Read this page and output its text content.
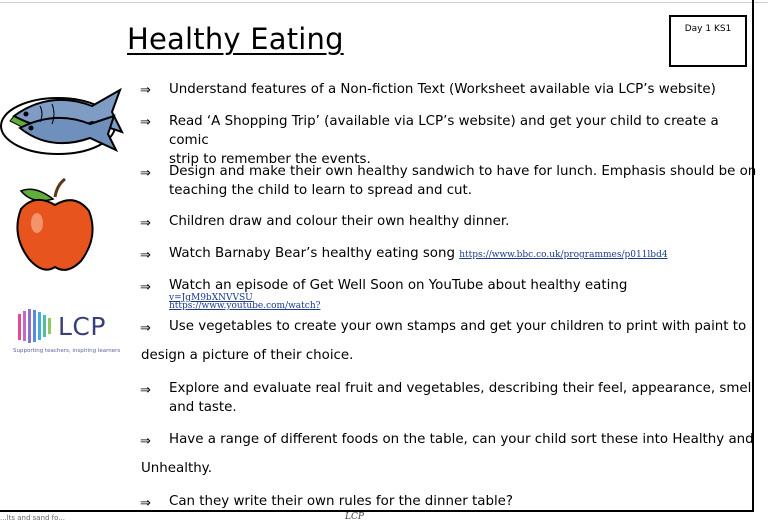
Healthy Eating	Day 1 KS1
LCP
Supporting teachers, inspiring learners
⇒ Understand features of a Non-fiction Text (Worksheet available via LCP’s website)
⇒ Read ‘A Shopping Trip’ (available via LCP’s website) and get your child to create a comic
strip to remember the events.
⇒ Design and make their own healthy sandwich to have for lunch. Emphasis should be on
teaching the child to learn to spread and cut.
⇒ Children draw and colour their own healthy dinner.
⇒ Watch Barnaby Bear’s healthy eating song https://www.bbc.co.uk/programmes/p011lbd4
⇒ Watch an episode of Get Well Soon on YouTube about healthy eating https://www.youtube.com/watch?
v=JgM9bXNVVSU
⇒ Use vegetables to create your own stamps and get your children to print with paint to
design a picture of their choice.
⇒ Explore and evaluate real fruit and vegetables, describing their feel, appearance, smell
and taste.
⇒ Have a range of different foods on the table, can your child sort these into Healthy and
Unhealthy.
⇒ Can they write their own rules for the dinner table?
...lts and sand fo...	LCP
